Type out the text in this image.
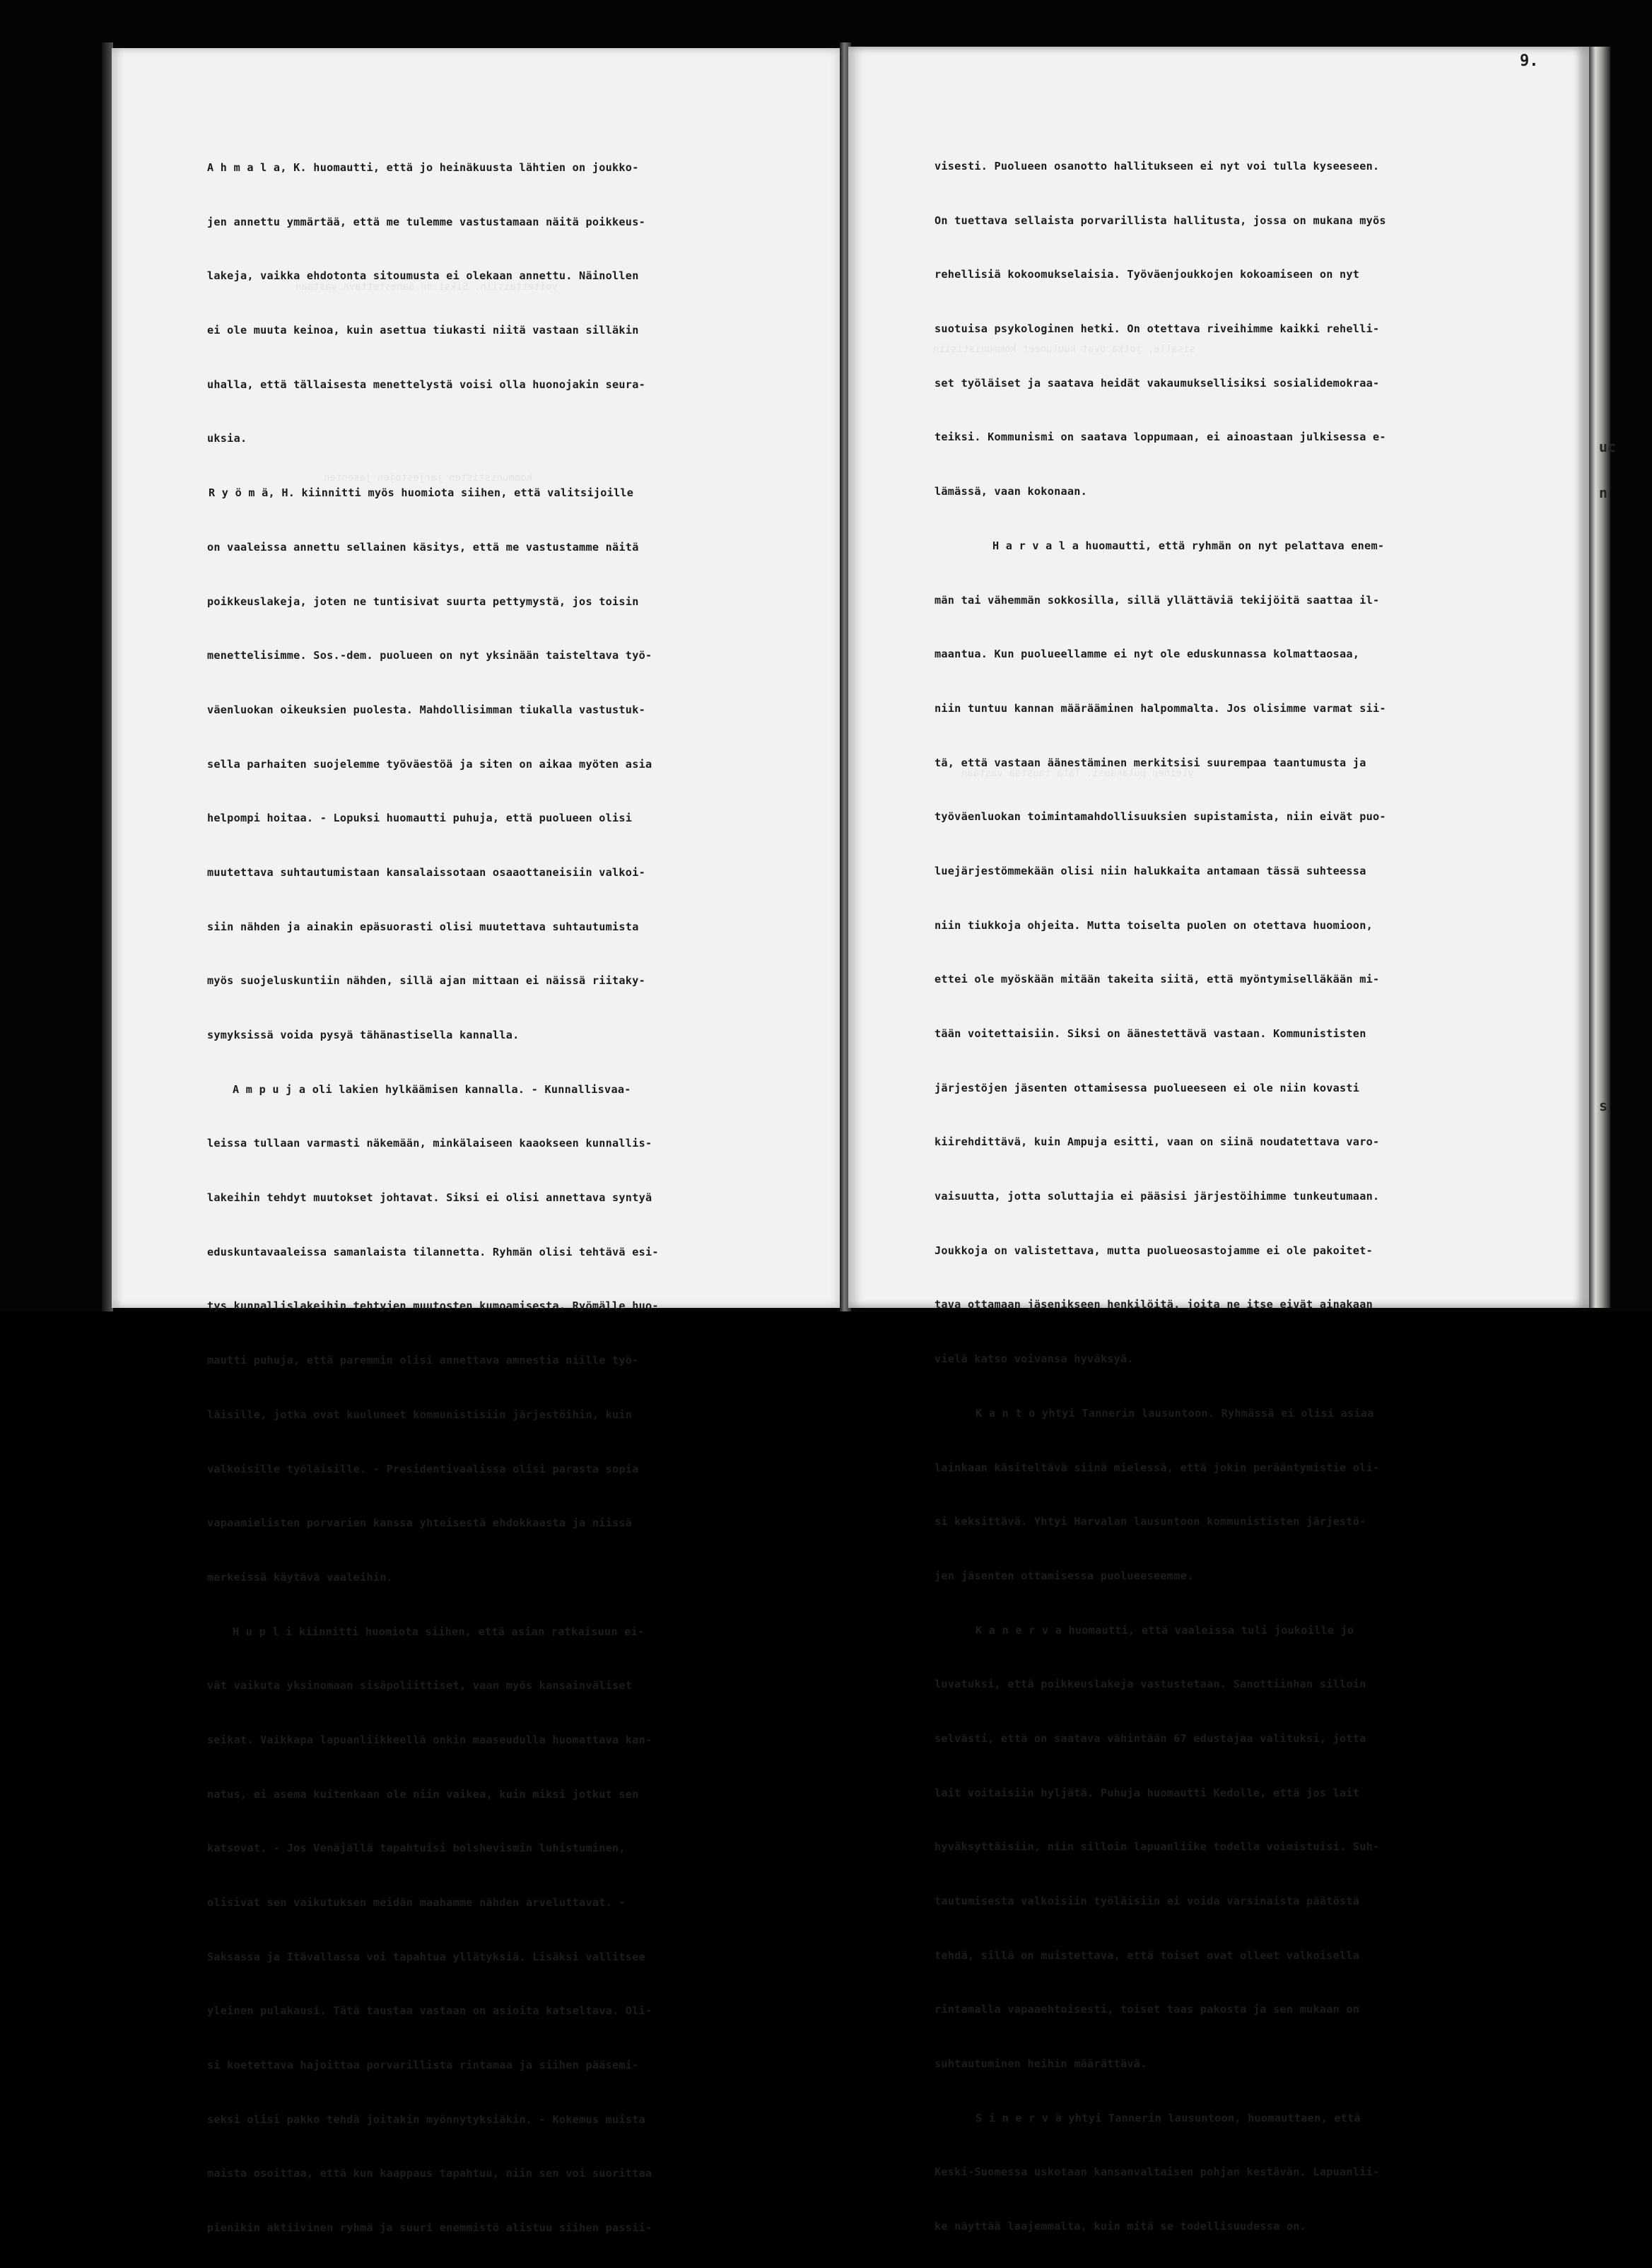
voitettaisiin. Siksi on aanestettava vastaan
kommunististen jarjestojen jasenten

A h m a l a, K. huomautti, että jo heinäkuusta lähtien on joukko-

jen annettu ymmärtää, että me tulemme vastustamaan näitä poikkeus-

lakeja, vaikka ehdotonta sitoumusta ei olekaan annettu. Näinollen

ei ole muuta keinoa, kuin asettua tiukasti niitä vastaan silläkin

uhalla, että tällaisesta menettelystä voisi olla huonojakin seura-

uksia.

R y ö m ä, H. kiinnitti myös huomiota siihen, että valitsijoille

on vaaleissa annettu sellainen käsitys, että me vastustamme näitä

poikkeuslakeja, joten ne tuntisivat suurta pettymystä, jos toisin

menettelisimme. Sos.-dem. puolueen on nyt yksinään taisteltava työ-

väenluokan oikeuksien puolesta. Mahdollisimman tiukalla vastustuk-

sella parhaiten suojelemme työväestöä ja siten on aikaa myöten asia

helpompi hoitaa. - Lopuksi huomautti puhuja, että puolueen olisi

muutettava suhtautumistaan kansalaissotaan osaaottaneisiin valkoi-

siin nähden ja ainakin epäsuorasti olisi muutettava suhtautumista

myös suojeluskuntiin nähden, sillä ajan mittaan ei näissä riitaky-

symyksissä voida pysyä tähänastisella kannalla.

A m p u j a oli lakien hylkäämisen kannalla. - Kunnallisvaa-

leissa tullaan varmasti näkemään, minkälaiseen kaaokseen kunnallis-

lakeihin tehdyt muutokset johtavat. Siksi ei olisi annettava syntyä

eduskuntavaaleissa samanlaista tilannetta. Ryhmän olisi tehtävä esi-

tys kunnallislakeihin tehtyjen muutosten kumoamisesta. Ryömälle huo-

mautti puhuja, että paremmin olisi annettava amnestia niille työ-

läisille, jotka ovat kuuluneet kommunistisiin järjestöihin, kuin

valkoisille työläisille. - Presidentivaalissa olisi parasta sopia

vapaamielisten porvarien kanssa yhteisestä ehdokkaasta ja niissä

merkeissä käytävä vaaleihin.

H u p l i kiinnitti huomiota siihen, että asian ratkaisuun ei-

vät vaikuta yksinomaan sisäpoliittiset, vaan myös kansainväliset

seikat. Vaikkapa lapuanliikkeellä onkin maaseudulla huomattava kan-

natus, ei asema kuitenkaan ole niin vaikea, kuin miksi jotkut sen

katsovat. - Jos Venäjällä tapahtuisi bolshevismin luhistuminen,

olisivat sen vaikutuksen meidän maahamme nähden arveluttavat. -

Saksassa ja Itävallassa voi tapahtua yllätyksiä. Lisäksi vallitsee

yleinen pulakausi. Tätä taustaa vastaan on asioita katseltava. Oli-

si koetettava hajoittaa porvarillista rintamaa ja siihen pääsemi-

seksi olisi pakko tehdä joitakin myönnytyksiäkin. - Kokemus muista

maista osoittaa, että kun kaappaus tapahtuu, niin sen voi suorittaa

pienikin aktiivinen ryhmä ja suuri enemmistö alistuu siihen passii-

sisalle, jotka ovat kuuluneet kommunistisiin
yleinen pulakausi. Tata taustaa vastaan

visesti. Puolueen osanotto hallitukseen ei nyt voi tulla kyseeseen.

On tuettava sellaista porvarillista hallitusta, jossa on mukana myös

rehellisiä kokoomukselaisia. Työväenjoukkojen kokoamiseen on nyt

suotuisa psykologinen hetki. On otettava riveihimme kaikki rehelli-

set työläiset ja saatava heidät vakaumuksellisiksi sosialidemokraa-

teiksi. Kommunismi on saatava loppumaan, ei ainoastaan julkisessa e-

lämässä, vaan kokonaan.

H a r v a l a huomautti, että ryhmän on nyt pelattava enem-

män tai vähemmän sokkosilla, sillä yllättäviä tekijöitä saattaa il-

maantua. Kun puolueellamme ei nyt ole eduskunnassa kolmattaosaa,

niin tuntuu kannan määrääminen halpommalta. Jos olisimme varmat sii-

tä, että vastaan äänestäminen merkitsisi suurempaa taantumusta ja

työväenluokan toimintamahdollisuuksien supistamista, niin eivät puo-

luejärjestömmekään olisi niin halukkaita antamaan tässä suhteessa

niin tiukkoja ohjeita. Mutta toiselta puolen on otettava huomioon,

ettei ole myöskään mitään takeita siitä, että myöntymiselläkään mi-

tään voitettaisiin. Siksi on äänestettävä vastaan. Kommunististen

järjestöjen jäsenten ottamisessa puolueeseen ei ole niin kovasti

kiirehdittävä, kuin Ampuja esitti, vaan on siinä noudatettava varo-

vaisuutta, jotta soluttajia ei pääsisi järjestöihimme tunkeutumaan.

Joukkoja on valistettava, mutta puolueosastojamme ei ole pakoitet-

tava ottamaan jäsenikseen henkilöitä, joita ne itse eivät ainakaan

vielä katso voivansa hyväksyä.

K a n t o yhtyi Tannerin lausuntoon. Ryhmässä ei olisi asiaa

lainkaan käsiteltävä siinä mielessä, että jokin perääntymistie oli-

si keksittävä. Yhtyi Harvalan lausuntoon kommunististen järjestö-

jen jäsenten ottamisessa puolueeseemme.

K a n e r v a huomautti, että vaaleissa tuli joukoille jo

luvatuksi, että poikkeuslakeja vastustetaan. Sanottiinhan silloin

selvästi, että on saatava vähintään 67 edustajaa valituksi, jotta

lait voitaisiin hyljätä. Puhuja huomautti Kedolle, että jos lait

hyväksyttäisiin, niin silloin lapuanliike todella voimistuisi. Suh-

tautumisesta valkoisiin työläisiin ei voida varsinaista päätöstä

tehdä, sillä on muistettava, että toiset ovat olleet valkoisella

rintamalla vapaaehtoisesti, toiset taas pakosta ja sen mukaan on

suhtautuminen heihin määrättävä.

S i n e r v ä yhtyi Tannerin lausuntoon, huomauttaen, että

Keski-Suomessa uskotaan kansanvaltaisen pohjan kestävän. Lapuanlii-

ke näyttää laajemmalta, kuin mitä se todellisuudessa on.

uc
n
s
9.
